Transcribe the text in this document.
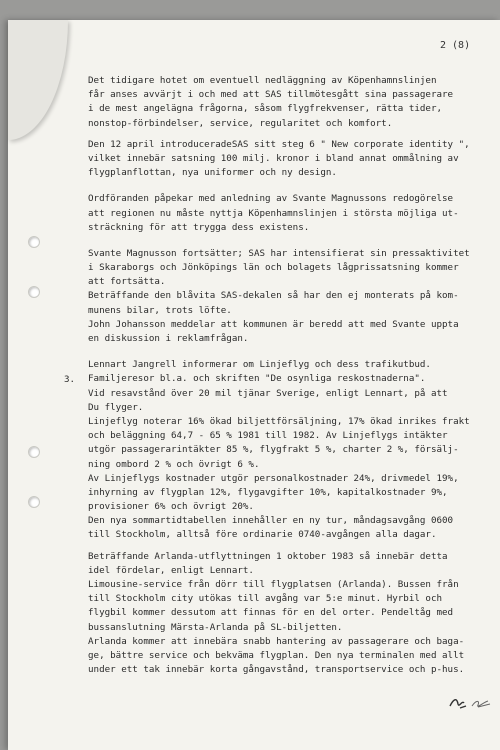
2 (8)
3.
Det tidigare hotet om eventuell nedläggning av Köpenhamnslinjen
får anses avvärjt i och med att SAS tillmötesgått sina passagerare
i de mest angelägna frågorna, såsom flygfrekvenser, rätta tider,
nonstop-förbindelser, service, regularitet och komfort.
Den 12 april introduceradeSAS sitt steg 6 " New corporate identity ",
vilket innebär satsning 100 milj. kronor i bland annat ommålning av
flygplanflottan, nya uniformer och ny design.
Ordföranden påpekar med anledning av Svante Magnussons redogörelse
att regionen nu måste nyttja Köpenhamnslinjen i största möjliga ut-
sträckning för att trygga dess existens.
Svante Magnusson fortsätter; SAS har intensifierat sin pressaktivitet
i Skaraborgs och Jönköpings län och bolagets lågprissatsning kommer
att fortsätta.
Beträffande den blåvita SAS-dekalen så har den ej monterats på kom-
munens bilar, trots löfte.
John Johansson meddelar att kommunen är beredd att med Svante uppta
en diskussion i reklamfrågan.
Lennart Jangrell informerar om Linjeflyg och dess trafikutbud.
Familjeresor bl.a. och skriften "De osynliga reskostnaderna".
Vid resavstånd över 20 mil tjänar Sverige, enligt Lennart, på att
Du flyger.
Linjeflyg noterar 16% ökad biljettförsäljning, 17% ökad inrikes frakt
och beläggning 64,7 - 65 % 1981 till 1982. Av Linjeflygs intäkter
utgör passagerarintäkter 85 %, flygfrakt 5 %, charter 2 %, försälj-
ning ombord 2 % och övrigt 6 %.
Av Linjeflygs kostnader utgör personalkostnader 24%, drivmedel 19%,
inhyrning av flygplan 12%, flygavgifter 10%, kapitalkostnader 9%,
provisioner 6% och övrigt 20%.
Den nya sommartidtabellen innehåller en ny tur, måndagsavgång 0600
till Stockholm, alltså före ordinarie 0740-avgången alla dagar.
Beträffande Arlanda-utflyttningen 1 oktober 1983 så innebär detta
idel fördelar, enligt Lennart.
Limousine-service från dörr till flygplatsen (Arlanda). Bussen från
till Stockholm city utökas till avgång var 5:e minut. Hyrbil och
flygbil kommer dessutom att finnas för en del orter. Pendeltåg med
bussanslutning Märsta-Arlanda på SL-biljetten.
Arlanda kommer att innebära snabb hantering av passagerare och baga-
ge, bättre service och bekväma flygplan. Den nya terminalen med allt
under ett tak innebär korta gångavstånd, transportservice och p-hus.
